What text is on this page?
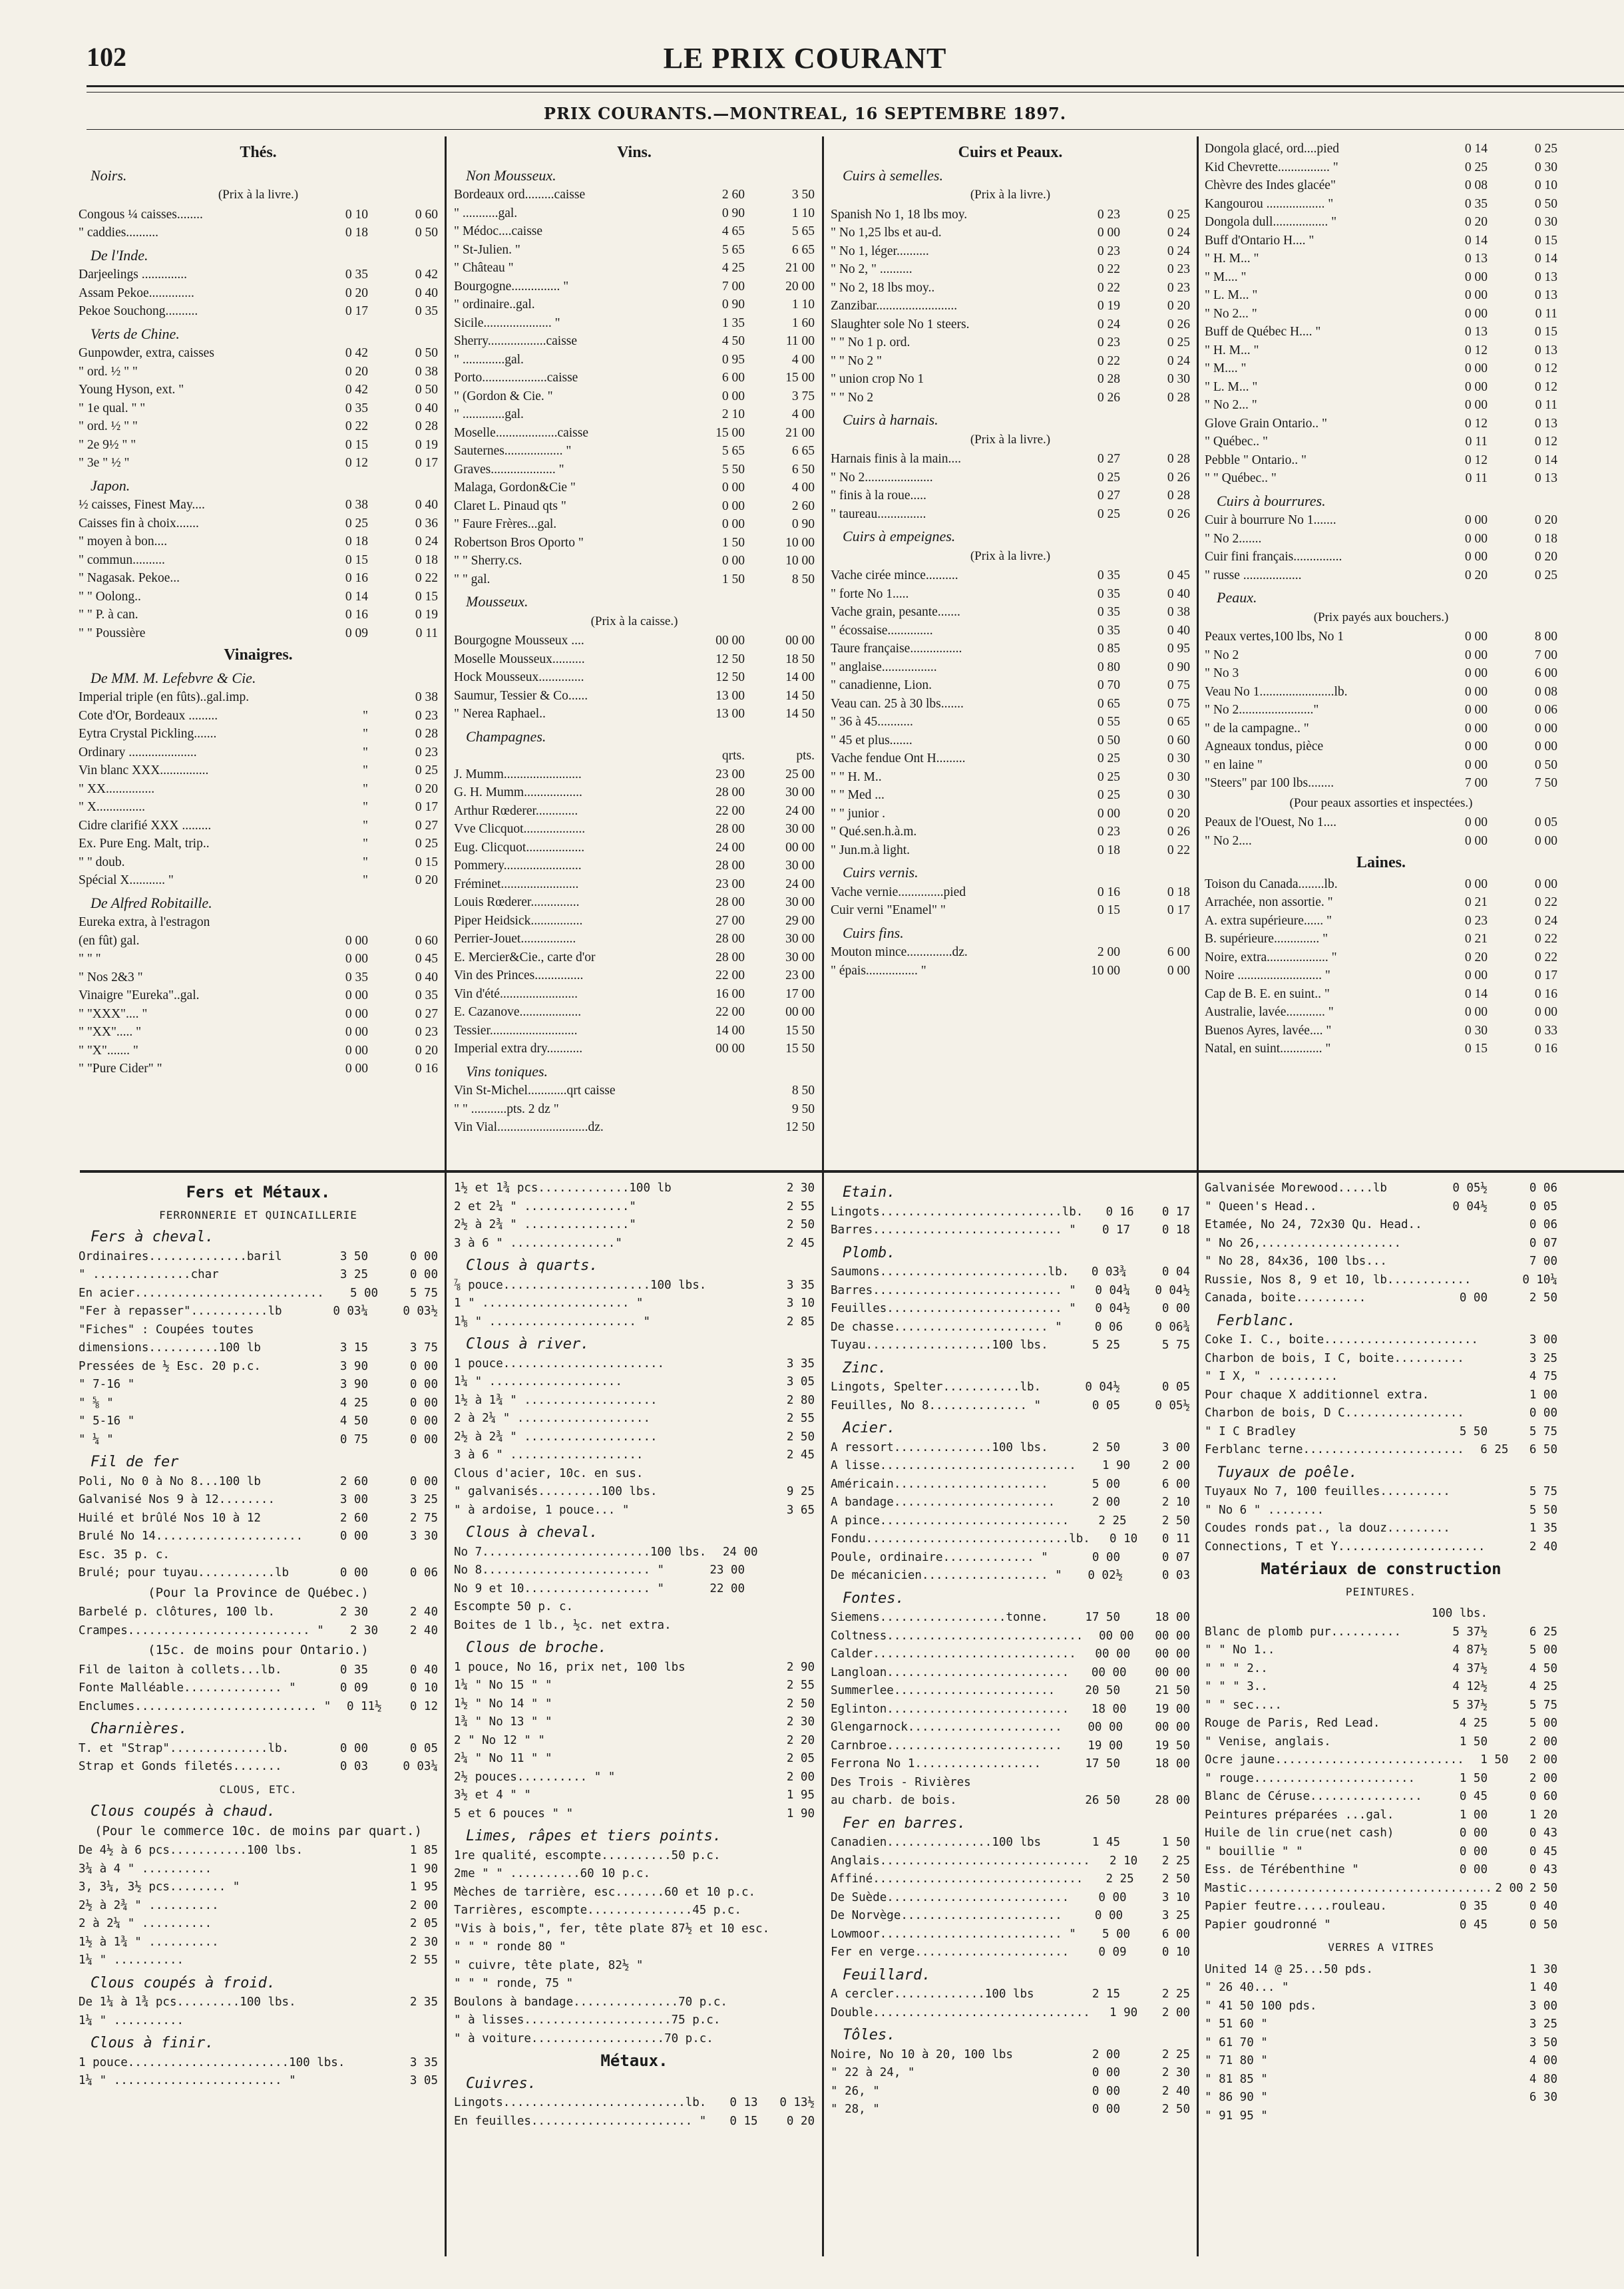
102	LE PRIX COURANT
PRIX COURANTS.—MONTREAL, 16 SEPTEMBRE 1897.
Thés.
Noirs.
(Prix à la livre.)
Congous ¼ caisses........	0 10	0 60
" caddies..........	0 18	0 50
De l'Inde.
Darjeelings ..............	0 35	0 42
Assam Pekoe..............	0 20	0 40
Pekoe Souchong..........	0 17	0 35
Verts de Chine.
Gunpowder, extra, caisses	0 42	0 50
" ord. ½ " "	0 20	0 38
Young Hyson, ext. "	0 42	0 50
" 1e qual. " "	0 35	0 40
" ord. ½ " "	0 22	0 28
" 2e 9½ " "	0 15	0 19
" 3e " ½ "	0 12	0 17
Japon.
½ caisses, Finest May....	0 38	0 40
Caisses fin à choix.......	0 25	0 36
" moyen à bon....	0 18	0 24
" commun..........	0 15	0 18
" Nagasak. Pekoe...	0 16	0 22
" " Oolong..	0 14	0 15
" " P. à can.	0 16	0 19
" " Poussière	0 09	0 11
Vinaigres.
De MM. M. Lefebvre & Cie.
Imperial triple (en fûts)..gal.imp.	0 38
Cote d'Or, Bordeaux .........	"	0 23
Eytra Crystal Pickling.......	"	0 28
Ordinary .....................	"	0 23
Vin blanc XXX...............	"	0 25
" XX...............	"	0 20
" X...............	"	0 17
Cidre clarifié XXX .........	"	0 27
Ex. Pure Eng. Malt, trip..	"	0 25
" " doub.	"	0 15
Spécial X........... "	"	0 20
De Alfred Robitaille.
Eureka extra, à l'estragon
(en fût) gal.	0 00	0 60
" " "	0 00	0 45
" Nos 2&3 "	0 35	0 40
Vinaigre "Eureka"..gal.	0 00	0 35
" "XXX".... "	0 00	0 27
" "XX"..... "	0 00	0 23
" "X"....... "	0 00	0 20
" "Pure Cider" "	0 00	0 16
Vins.
Non Mousseux.
Bordeaux ord.........caisse	2 60	3 50
" ...........gal.	0 90	1 10
" Médoc....caisse	4 65	5 65
" St-Julien. "	5 65	6 65
" Château "	4 25	21 00
Bourgogne............... "	7 00	20 00
" ordinaire..gal.	0 90	1 10
Sicile..................... "	1 35	1 60
Sherry..................caisse	4 50	11 00
" .............gal.	0 95	4 00
Porto....................caisse	6 00	15 00
" (Gordon & Cie. "	0 00	3 75
" .............gal.	2 10	4 00
Moselle...................caisse	15 00	21 00
Sauternes.................. "	5 65	6 65
Graves.................... "	5 50	6 50
Malaga, Gordon&Cie "	0 00	4 00
Claret L. Pinaud qts "	0 00	2 60
" Faure Frères...gal.	0 00	0 90
Robertson Bros Oporto "	1 50	10 00
" " Sherry.cs.	0 00	10 00
" " gal.	1 50	8 50
Mousseux.
(Prix à la caisse.)
Bourgogne Mousseux ....	00 00	00 00
Moselle Mousseux..........	12 50	18 50
Hock Mousseux..............	12 50	14 00
Saumur, Tessier & Co......	13 00	14 50
" Nerea Raphael..	13 00	14 50
Champagnes.
qrts.	pts.
J. Mumm........................	23 00	25 00
G. H. Mumm..................	28 00	30 00
Arthur Rœderer.............	22 00	24 00
Vve Clicquot...................	28 00	30 00
Eug. Clicquot..................	24 00	00 00
Pommery........................	28 00	30 00
Fréminet........................	23 00	24 00
Louis Rœderer...............	28 00	30 00
Piper Heidsick................	27 00	29 00
Perrier-Jouet.................	28 00	30 00
E. Mercier&Cie., carte d'or	28 00	30 00
Vin des Princes...............	22 00	23 00
Vin d'été........................	16 00	17 00
E. Cazanove...................	22 00	00 00
Tessier...........................	14 00	15 50
Imperial extra dry...........	00 00	15 50
Vins toniques.
Vin St-Michel............qrt caisse	8 50
" " ...........pts. 2 dz "	9 50
Vin Vial............................dz.	12 50
Cuirs et Peaux.
Cuirs à semelles.
(Prix à la livre.)
Spanish No 1, 18 lbs moy.	0 23	0 25
" No 1,25 lbs et au-d.	0 00	0 24
" No 1, léger..........	0 23	0 24
" No 2, " ..........	0 22	0 23
" No 2, 18 lbs moy..	0 22	0 23
Zanzibar.........................	0 19	0 20
Slaughter sole No 1 steers.	0 24	0 26
" " No 1 p. ord.	0 23	0 25
" " No 2 "	0 22	0 24
" union crop No 1	0 28	0 30
" " No 2	0 26	0 28
Cuirs à harnais.
(Prix à la livre.)
Harnais finis à la main....	0 27	0 28
" No 2.....................	0 25	0 26
" finis à la roue.....	0 27	0 28
" taureau...............	0 25	0 26
Cuirs à empeignes.
(Prix à la livre.)
Vache cirée mince..........	0 35	0 45
" forte No 1.....	0 35	0 40
Vache grain, pesante.......	0 35	0 38
" écossaise..............	0 35	0 40
Taure française................	0 85	0 95
" anglaise.................	0 80	0 90
" canadienne, Lion.	0 70	0 75
Veau can. 25 à 30 lbs.......	0 65	0 75
" 36 à 45...........	0 55	0 65
" 45 et plus.......	0 50	0 60
Vache fendue Ont H.........	0 25	0 30
" " H. M..	0 25	0 30
" " Med ...	0 25	0 30
" " junior .	0 00	0 20
" Qué.sen.h.à.m.	0 23	0 26
" Jun.m.à light.	0 18	0 22
Cuirs vernis.
Vache vernie..............pied	0 16	0 18
Cuir verni "Enamel" "	0 15	0 17
Cuirs fins.
Mouton mince..............dz.	2 00	6 00
" épais................ "	10 00	0 00
Dongola glacé, ord....pied	0 14	0 25
Kid Chevrette................ "	0 25	0 30
Chèvre des Indes glacée"	0 08	0 10
Kangourou .................. "	0 35	0 50
Dongola dull................. "	0 20	0 30
Buff d'Ontario H.... "	0 14	0 15
" H. M... "	0 13	0 14
" M.... "	0 00	0 13
" L. M... "	0 00	0 13
" No 2... "	0 00	0 11
Buff de Québec H.... "	0 13	0 15
" H. M... "	0 12	0 13
" M.... "	0 00	0 12
" L. M... "	0 00	0 12
" No 2... "	0 00	0 11
Glove Grain Ontario.. "	0 12	0 13
" Québec.. "	0 11	0 12
Pebble " Ontario.. "	0 12	0 14
" " Québec.. "	0 11	0 13
Cuirs à bourrures.
Cuir à bourrure No 1.......	0 00	0 20
" No 2.......	0 00	0 18
Cuir fini français...............	0 00	0 20
" russe ..................	0 20	0 25
Peaux.
(Prix payés aux bouchers.)
Peaux vertes,100 lbs, No 1	0 00	8 00
" No 2	0 00	7 00
" No 3	0 00	6 00
Veau No 1.......................lb.	0 00	0 08
" No 2......................."	0 00	0 06
" de la campagne.. "	0 00	0 00
Agneaux tondus, pièce	0 00	0 00
" en laine "	0 00	0 50
"Steers" par 100 lbs........	7 00	7 50
(Pour peaux assorties et inspectées.)
Peaux de l'Ouest, No 1....	0 00	0 05
" No 2....	0 00	0 00
Laines.
Toison du Canada........lb.	0 00	0 00
Arrachée, non assortie. "	0 21	0 22
A. extra supérieure...... "	0 23	0 24
B. supérieure.............. "	0 21	0 22
Noire, extra................... "	0 20	0 22
Noire .......................... "	0 00	0 17
Cap de B. E. en suint.. "	0 14	0 16
Australie, lavée............ "	0 00	0 00
Buenos Ayres, lavée.... "	0 30	0 33
Natal, en suint............. "	0 15	0 16
Fers et Métaux.
FERRONNERIE ET QUINCAILLERIE
Fers à cheval.
Ordinaires..............baril	3 50	0 00
" ..............char	3 25	0 00
En acier...........................	5 00	5 75
"Fer à repasser"...........lb	0 03¼	0 03½
"Fiches" : Coupées toutes
dimensions..........100 lb	3 15	3 75
Pressées de ½ Esc. 20 p.c.	3 90	0 00
" 7-16 "	3 90	0 00
" ⅝ "	4 25	0 00
" 5-16 "	4 50	0 00
" ¼ "	0 75	0 00
Fil de fer
Poli, No 0 à No 8...100 lb	2 60	0 00
Galvanisé Nos 9 à 12........	3 00	3 25
Huilé et brûlé Nos 10 à 12	2 60	2 75
Brulé No 14.....................	0 00	3 30
Esc. 35 p. c.
Brulé; pour tuyau...........lb	0 00	0 06
(Pour la Province de Québec.)
Barbelé p. clôtures, 100 lb.	2 30	2 40
Crampes.......................... "	2 30	2 40
(15c. de moins pour Ontario.)
Fil de laiton à collets...lb.	0 35	0 40
Fonte Malléable.............. "	0 09	0 10
Enclumes.......................... "	0 11½	0 12
Charnières.
T. et "Strap"..............lb.	0 00	0 05
Strap et Gonds filetés.......	0 03	0 03¼
CLOUS, ETC.
Clous coupés à chaud.
(Pour le commerce 10c. de moins par quart.)
De 4½ à 6 pcs...........100 lbs.	1 85
3¼ à 4 " ..........	1 90
3, 3¼, 3½ pcs........ "	1 95
2½ à 2¾ " ..........	2 00
2 à 2¼ " ..........	2 05
1½ à 1¾ " ..........	2 30
1¼ " ..........	2 55
Clous coupés à froid.
De 1¼ à 1¾ pcs.........100 lbs.	2 35
1¼ " ..........
Clous à finir.
1 pouce.......................100 lbs.	3 35
1¼ " ........................ "	3 05
1½ et 1¾ pcs.............100 lb	2 30
2 et 2¼ " ..............."	2 55
2½ à 2¾ " ..............."	2 50
3 à 6 " ..............."	2 45
Clous à quarts.
⅞ pouce.....................100 lbs.	3 35
1 " ..................... "	3 10
1⅛ " ..................... "	2 85
Clous à river.
1 pouce.......................	3 35
1¼ " ...................	3 05
1½ à 1¾ " ...................	2 80
2 à 2¼ " ...................	2 55
2½ à 2¾ " ...................	2 50
3 à 6 " ...................	2 45
Clous d'acier, 10c. en sus.
" galvanisés.........100 lbs.	9 25
" à ardoise, 1 pouce... "	3 65
Clous à cheval.
No 7........................100 lbs.	24 00
No 8........................ "	23 00
No 9 et 10.................. "	22 00
Escompte 50 p. c.
Boites de 1 lb., ½c. net extra.
Clous de broche.
1 pouce, No 16, prix net, 100 lbs	2 90
1¼ " No 15 " "	2 55
1½ " No 14 " "	2 50
1¾ " No 13 " "	2 30
2 " No 12 " "	2 20
2¼ " No 11 " "	2 05
2½ pouces.......... " "	2 00
3½ et 4 " "	1 95
5 et 6 pouces " "	1 90
Limes, râpes et tiers points.
1re qualité, escompte..........50 p.c.
2me " " ..........60 10 p.c.
Mèches de tarrière, esc.......60 et 10 p.c.
Tarrières, escompte...............45 p.c.
"Vis à bois,", fer, tête plate 87½ et 10 esc.
" " " ronde 80 "
" cuivre, tête plate, 82½ "
" " " ronde, 75 "
Boulons à bandage...............70 p.c.
" à lisses.....................75 p.c.
" à voiture...................70 p.c.
Métaux.
Cuivres.
Lingots..........................lb.	0 13	0 13½
En feuilles....................... "	0 15	0 20
Etain.
Lingots..........................lb.	0 16	0 17
Barres........................... "	0 17	0 18
Plomb.
Saumons........................lb.	0 03¾	0 04
Barres........................... "	0 04¼	0 04½
Feuilles......................... "	0 04½	0 00
De chasse...................... "	0 06	0 06¾
Tuyau..................100 lbs.	5 25	5 75
Zinc.
Lingots, Spelter...........lb.	0 04½	0 05
Feuilles, No 8.............. "	0 05	0 05½
Acier.
A ressort..............100 lbs.	2 50	3 00
A lisse............................	1 90	2 00
Américain......................	5 00	6 00
A bandage.......................	2 00	2 10
A pince...........................	2 25	2 50
Fondu.............................lb.	0 10	0 11
Poule, ordinaire............. "	0 00	0 07
De mécanicien.................. "	0 02½	0 03
Fontes.
Siemens..................tonne.	17 50	18 00
Coltness............................	00 00	00 00
Calder.............................	00 00	00 00
Langloan..........................	00 00	00 00
Summerlee.......................	20 50	21 50
Eglinton..........................	18 00	19 00
Glengarnock......................	00 00	00 00
Carnbroe.........................	19 00	19 50
Ferrona No 1..................	17 50	18 00
Des Trois - Rivières
au charb. de bois.	26 50	28 00
Fer en barres.
Canadien...............100 lbs	1 45	1 50
Anglais..............................	2 10	2 25
Affiné..............................	2 25	2 50
De Suède..........................	0 00	3 10
De Norvège.......................	0 00	3 25
Lowmoor.......................... "	5 00	6 00
Fer en verge......................	0 09	0 10
Feuillard.
A cercler.............100 lbs	2 15	2 25
Double...............................	1 90	2 00
Tôles.
Noire, No 10 à 20, 100 lbs	2 00	2 25
" 22 à 24, "	0 00	2 30
" 26, "	0 00	2 40
" 28, "	0 00	2 50
Galvanisée Morewood.....lb	0 05½	0 06
" Queen's Head..	0 04½	0 05
Etamée, No 24, 72x30 Qu. Head..	0 06
" No 26,....................	0 07
" No 28, 84x36, 100 lbs...	7 00
Russie, Nos 8, 9 et 10, lb............	0 10¼
Canada, boite..........	0 00	2 50
Ferblanc.
Coke I. C., boite......................	3 00
Charbon de bois, I C, boite..........	3 25
" I X, " ..........	4 75
Pour chaque X additionnel extra.	1 00
Charbon de bois, D C.................	0 00
" I C Bradley	5 50	5 75
Ferblanc terne.......................	6 25	6 50
Tuyaux de poêle.
Tuyaux No 7, 100 feuilles..........	5 75
" No 6 " ........	5 50
Coudes ronds pat., la douz.........	1 35
Connections, T et Y.....................	2 40
Matériaux de construction
PEINTURES.
100 lbs.
Blanc de plomb pur..........	5 37½	6 25
" " No 1..	4 87½	5 00
" " " 2..	4 37½	4 50
" " " 3..	4 12½	4 25
" " sec....	5 37½	5 75
Rouge de Paris, Red Lead.	4 25	5 00
" Venise, anglais.	1 50	2 00
Ocre jaune...........................	1 50	2 00
" rouge.......................	1 50	2 00
Blanc de Céruse................	0 45	0 60
Peintures préparées ...gal.	1 00	1 20
Huile de lin crue(net cash)	0 00	0 43
" bouillie " "	0 00	0 45
Ess. de Térébenthine "	0 00	0 43
Mastic................................... 2 00 2 50
Papier feutre.....rouleau.	0 35	0 40
Papier goudronné "	0 45	0 50
VERRES A VITRES
United 14 @ 25...50 pds.	1 30
" 26 40... "	1 40
" 41 50 100 pds.	3 00
" 51 60 "	3 25
" 61 70 "	3 50
" 71 80 "	4 00
" 81 85 "	4 80
" 86 90 "	6 30
" 91 95 "
